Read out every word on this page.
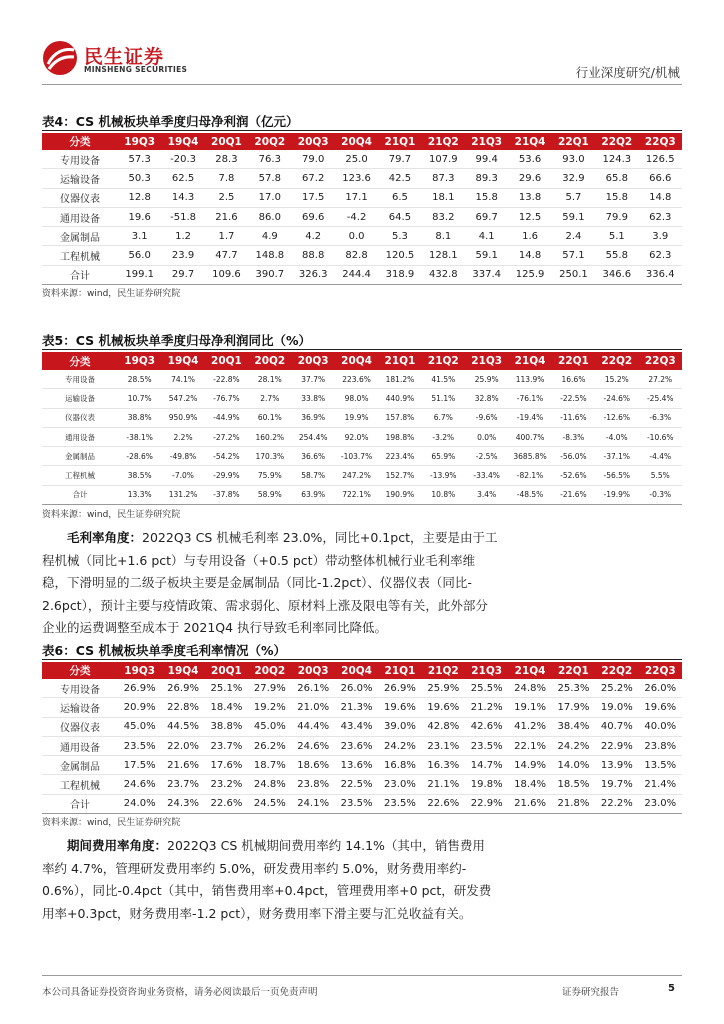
民生证券
MINSHENG SECURITIES	行业深度研究/机械
表4：CS 机械板块单季度归母净利润（亿元）
分类	19Q3	19Q4	20Q1	20Q2	20Q3	20Q4	21Q1	21Q2	21Q3	21Q4	22Q1	22Q2	22Q3
专用设备	57.3	-20.3	28.3	76.3	79.0	25.0	79.7	107.9	99.4	53.6	93.0	124.3	126.5
运输设备	50.3	62.5	7.8	57.8	67.2	123.6	42.5	87.3	89.3	29.6	32.9	65.8	66.6
仪器仪表	12.8	14.3	2.5	17.0	17.5	17.1	6.5	18.1	15.8	13.8	5.7	15.8	14.8
通用设备	19.6	-51.8	21.6	86.0	69.6	-4.2	64.5	83.2	69.7	12.5	59.1	79.9	62.3
金属制品	3.1	1.2	1.7	4.9	4.2	0.0	5.3	8.1	4.1	1.6	2.4	5.1	3.9
工程机械	56.0	23.9	47.7	148.8	88.8	82.8	120.5	128.1	59.1	14.8	57.1	55.8	62.3
合计	199.1	29.7	109.6	390.7	326.3	244.4	318.9	432.8	337.4	125.9	250.1	346.6	336.4
资料来源：wind，民生证券研究院
表5：CS 机械板块单季度归母净利润同比（%）
分类	19Q3	19Q4	20Q1	20Q2	20Q3	20Q4	21Q1	21Q2	21Q3	21Q4	22Q1	22Q2	22Q3
专用设备	28.5%	74.1%	-22.8%	28.1%	37.7%	223.6%	181.2%	41.5%	25.9%	113.9%	16.6%	15.2%	27.2%
运输设备	10.7%	547.2%	-76.7%	2.7%	33.8%	98.0%	440.9%	51.1%	32.8%	-76.1%	-22.5%	-24.6%	-25.4%
仪器仪表	38.8%	950.9%	-44.9%	60.1%	36.9%	19.9%	157.8%	6.7%	-9.6%	-19.4%	-11.6%	-12.6%	-6.3%
通用设备	-38.1%	2.2%	-27.2%	160.2%	254.4%	92.0%	198.8%	-3.2%	0.0%	400.7%	-8.3%	-4.0%	-10.6%
金属制品	-28.6%	-49.8%	-54.2%	170.3%	36.6%	-103.7%	223.4%	65.9%	-2.5%	3685.8%	-56.0%	-37.1%	-4.4%
工程机械	38.5%	-7.0%	-29.9%	75.9%	58.7%	247.2%	152.7%	-13.9%	-33.4%	-82.1%	-52.6%	-56.5%	5.5%
合计	13.3%	131.2%	-37.8%	58.9%	63.9%	722.1%	190.9%	10.8%	3.4%	-48.5%	-21.6%	-19.9%	-0.3%
资料来源：wind，民生证券研究院
毛利率角度：2022Q3 CS 机械毛利率 23.0%，同比+0.1pct，主要是由于工
程机械（同比+1.6 pct）与专用设备（+0.5 pct）带动整体机械行业毛利率维
稳，下滑明显的二级子板块主要是金属制品（同比-1.2pct）、仪器仪表（同比-
2.6pct），预计主要与疫情政策、需求弱化、原材料上涨及限电等有关，此外部分
企业的运费调整至成本于 2021Q4 执行导致毛利率同比降低。
表6：CS 机械板块单季度毛利率情况（%）
分类	19Q3	19Q4	20Q1	20Q2	20Q3	20Q4	21Q1	21Q2	21Q3	21Q4	22Q1	22Q2	22Q3
专用设备	26.9%	26.9%	25.1%	27.9%	26.1%	26.0%	26.9%	25.9%	25.5%	24.8%	25.3%	25.2%	26.0%
运输设备	20.9%	22.8%	18.4%	19.2%	21.0%	21.3%	19.6%	19.6%	21.2%	19.1%	17.9%	19.0%	19.6%
仪器仪表	45.0%	44.5%	38.8%	45.0%	44.4%	43.4%	39.0%	42.8%	42.6%	41.2%	38.4%	40.7%	40.0%
通用设备	23.5%	22.0%	23.7%	26.2%	24.6%	23.6%	24.2%	23.1%	23.5%	22.1%	24.2%	22.9%	23.8%
金属制品	17.5%	21.6%	17.6%	18.7%	18.6%	13.6%	16.8%	16.3%	14.7%	14.9%	14.0%	13.9%	13.5%
工程机械	24.6%	23.7%	23.2%	24.8%	23.8%	22.5%	23.0%	21.1%	19.8%	18.4%	18.5%	19.7%	21.4%
合计	24.0%	24.3%	22.6%	24.5%	24.1%	23.5%	23.5%	22.6%	22.9%	21.6%	21.8%	22.2%	23.0%
资料来源：wind，民生证券研究院
期间费用率角度：2022Q3 CS 机械期间费用率约 14.1%（其中，销售费用
率约 4.7%，管理研发费用率约 5.0%，研发费用率约 5.0%，财务费用率约-
0.6%），同比-0.4pct（其中，销售费用率+0.4pct，管理费用率+0 pct，研发费
用率+0.3pct，财务费用率-1.2 pct），财务费用率下滑主要与汇兑收益有关。
本公司具备证券投资咨询业务资格，请务必阅读最后一页免责声明	证券研究报告	5
